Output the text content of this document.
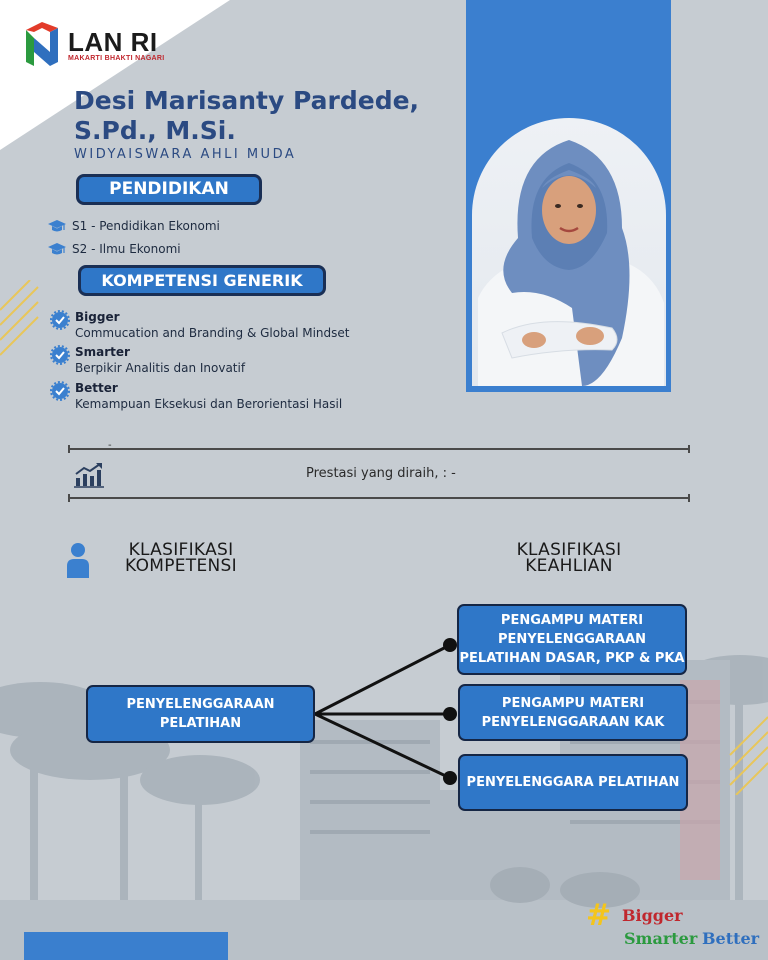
LAN RI
MAKARTI BHAKTI NAGARI
Desi Marisanty Pardede,
S.Pd., M.Si.
WIDYAISWARA AHLI MUDA
PENDIDIKAN
S1 - Pendidikan Ekonomi
S2 - Ilmu Ekonomi
KOMPETENSI GENERIK
Bigger
Commucation and Branding & Global Mindset
Smarter
Berpikir Analitis dan Inovatif
Better
Kemampuan Eksekusi dan Berorientasi Hasil
-
Prestasi yang diraih, : -
KLASIFIKASI
KOMPETENSI
KLASIFIKASI
KEAHLIAN
PENYELENGGARAAN
PELATIHAN
PENGAMPU MATERI
PENYELENGGARAAN
PELATIHAN DASAR, PKP & PKA
PENGAMPU MATERI
PENYELENGGARAAN KAK
PENYELENGGARA PELATIHAN
# Bigger
Smarter Better
